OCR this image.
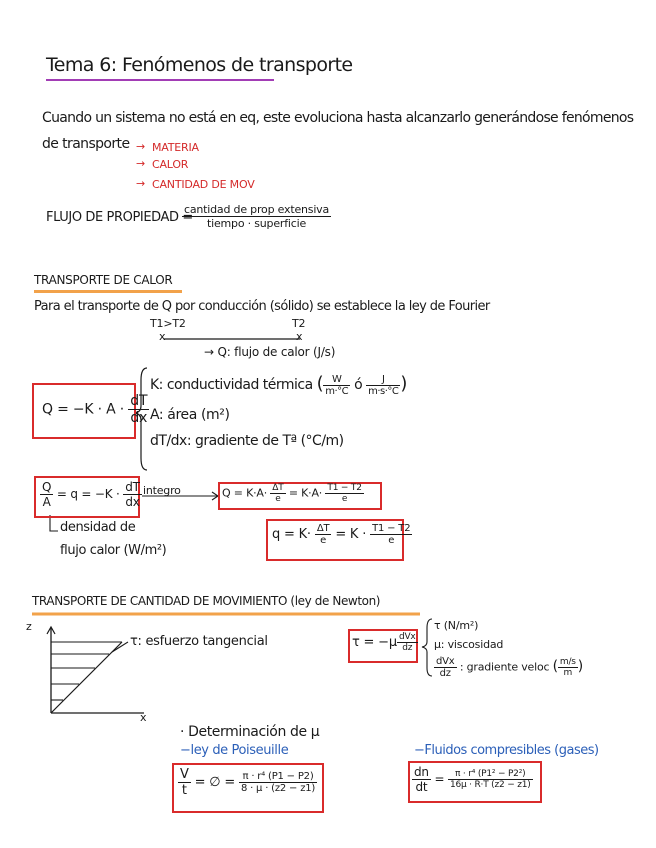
Tema 6: Fenómenos de transporte
Cuando un sistema no está en eq, este evoluciona hasta alcanzarlo generándose fenómenos
de transporte → MATERIA
→ CALOR
→ CANTIDAD DE MOV
FLUJO DE PROPIEDAD =
$\frac{\text{cantidad de prop extensiva}}{\text{tiempo · superficie}}$
TRANSPORTE DE CALOR
Para el transporte de Q por conducción (sólido) se establece la ley de Fourier
T1>T2	T2
x	x
→ Q: flujo de calor (J/s)
$Q = -K \cdot A \cdot \frac{dT}{dx}$
K: conductividad térmica ( $\frac{W}{m\cdot^\circ C}$ ó $\frac{J}{m\cdot s\cdot^\circ C}$ )
A: área (m²)
dT/dx: gradiente de Tª (°C/m)
$\frac{Q}{A} = q = -K \cdot \frac{dT}{dx}$ integro	$Q = K\cdot A\cdot \frac{\Delta T}{e} = K\cdot A\cdot \frac{T1 - T2}{e}$
densidad de
flujo calor (W/m²)
$q = K\cdot \frac{\Delta T}{e} = K \cdot \frac{T1 - T2}{e}$
TRANSPORTE DE CANTIDAD DE MOVIMIENTO (ley de Newton)
z
x
τ: esfuerzo tangencial	$\tau = -\mu \frac{\text{dVx}}{dz}$
τ (N/m²)
μ: viscosidad
$\frac{\text{dVx}}{dz}$ : gradiente veloc ( $\frac{m/s}{m}$ )
· Determinación de μ
−ley de Poiseuille	−Fluidos compresibles (gases)
$\frac{V}{t}$ = ∅ = $\frac{\text{π · r⁴ (P1 − P2)}}{8 \cdot \mu \cdot (z2 - z1)}$	$\frac{dn}{dt} = \frac{\text{π · r⁴ (P1² − P2²)}}{16\mu \cdot R\cdot T (z2 - z1)}$
